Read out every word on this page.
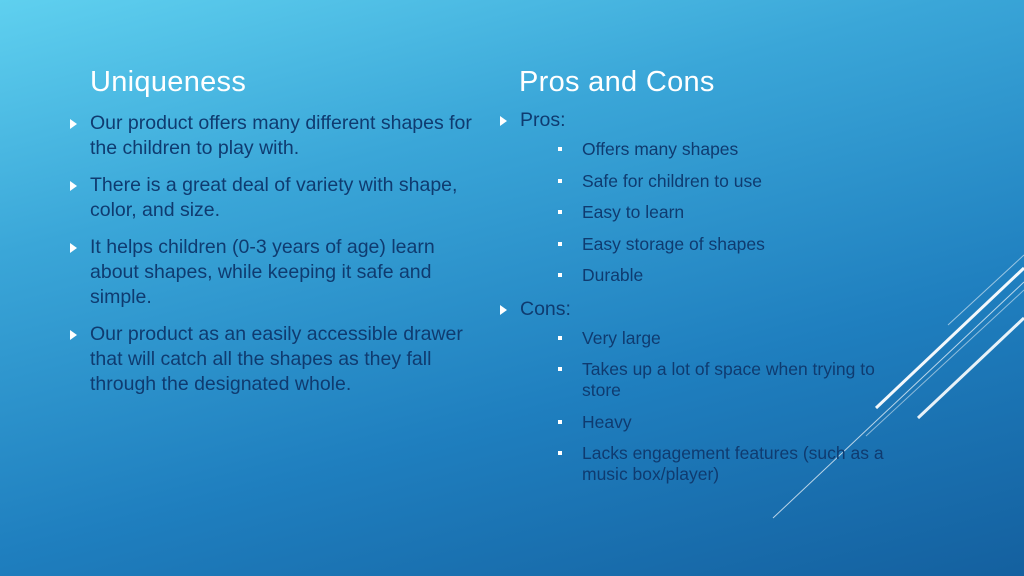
Uniqueness	Pros and Cons
Our product offers many different shapes for the children to play with.
There is a great deal of variety with shape, color, and size.
It helps children (0-3 years of age) learn about shapes, while keeping it safe and simple.
Our product as an easily accessible drawer that will catch all the shapes as they fall through the designated whole.
Pros:
Offers many shapes
Safe for children to use
Easy to learn
Easy storage of shapes
Durable
Cons:
Very large
Takes up a lot of space when trying to store
Heavy
Lacks engagement features (such as a music box/player)
